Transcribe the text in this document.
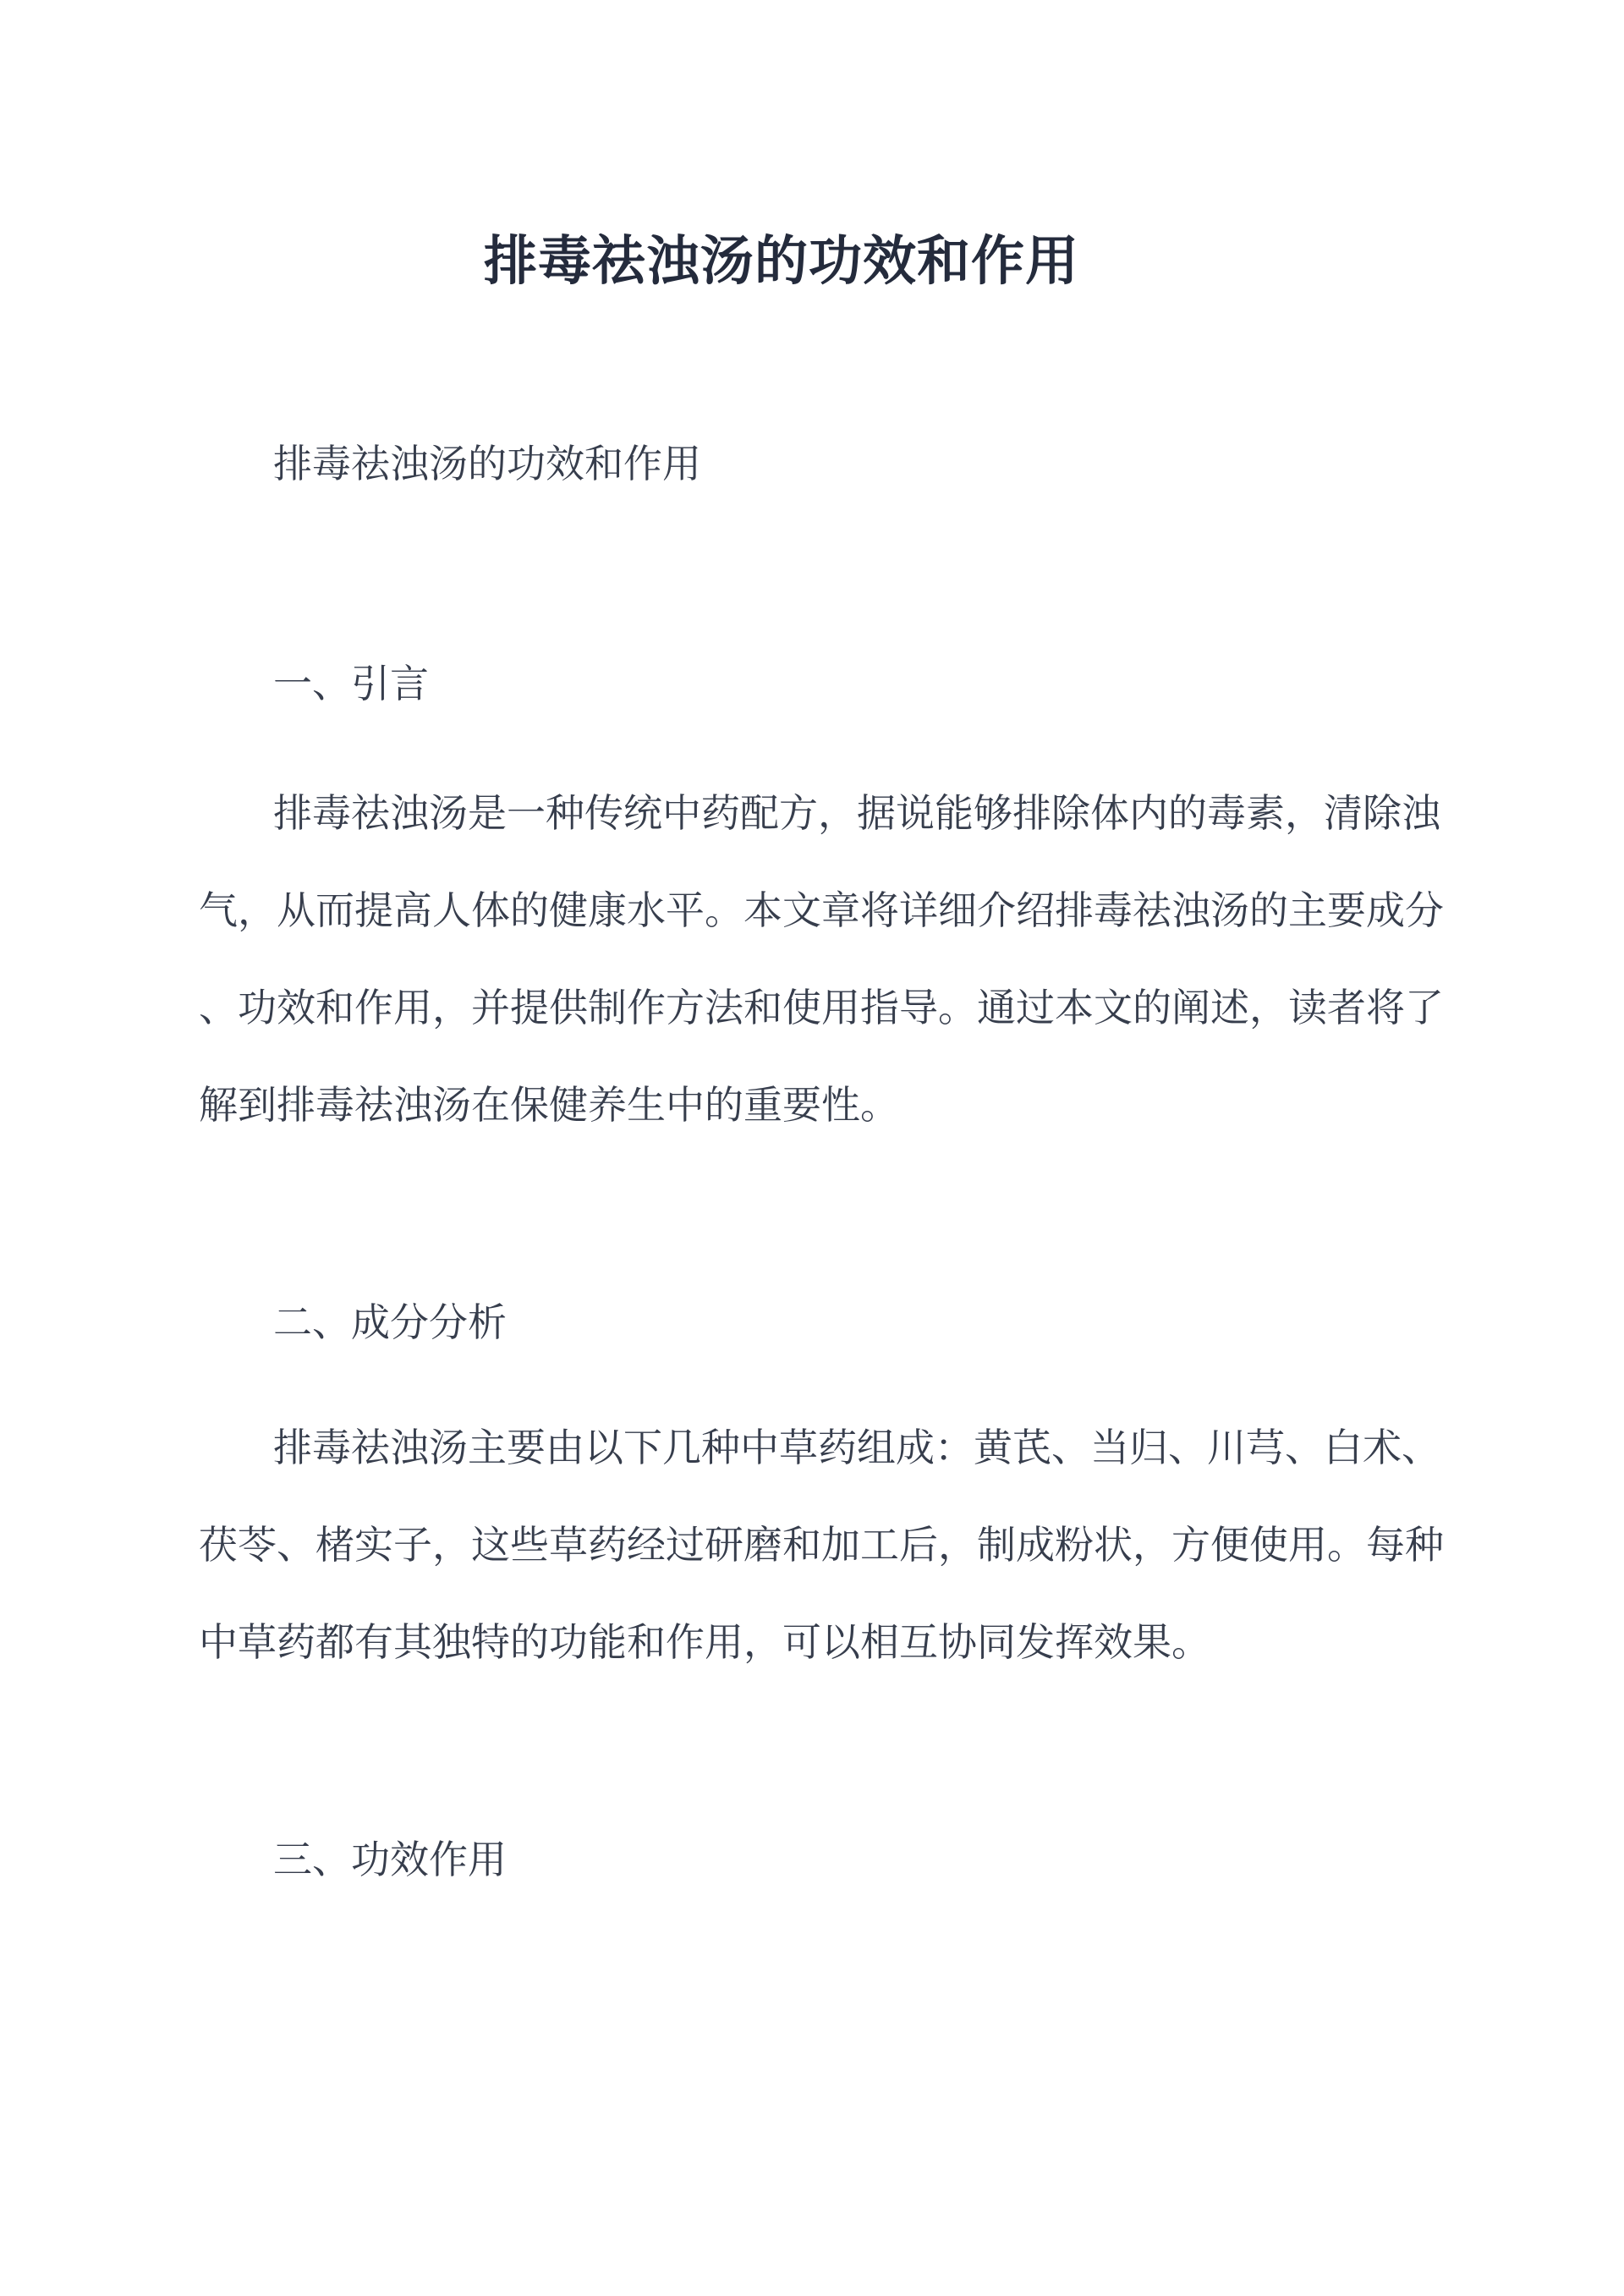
排毒祛浊汤的功效和作用
排毒祛浊汤的功效和作用
一、引言
排毒祛浊汤是一种传统中药配方，据说能够排除体内的毒素，清除浊
气，从而提高人体的健康水平。本文章将详细介绍排毒祛浊汤的主要成分
、功效和作用，并提供制作方法和使用指导。通过本文的阐述，读者将了
解到排毒祛浊汤在保健养生中的重要性。
二、成分分析
排毒祛浊汤主要由以下几种中草药组成：黄芪、当归、川芎、白术、
茯苓、楮实子，这些草药经过研磨和加工后，制成粉状，方便使用。每种
中草药都有其独特的功能和作用，可以相互协同发挥效果。
三、功效作用
